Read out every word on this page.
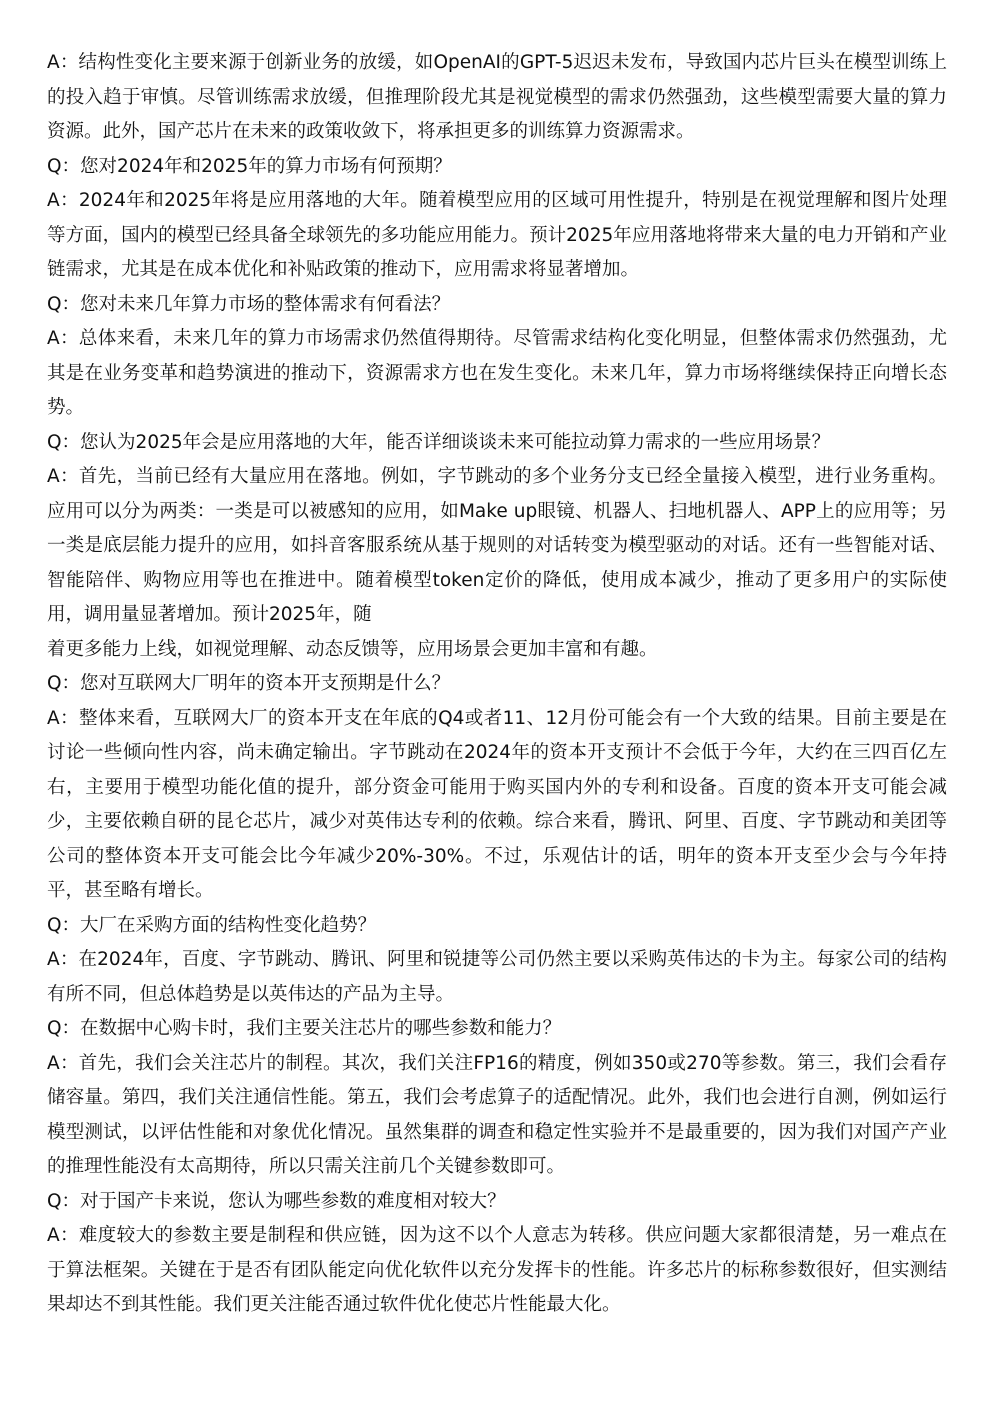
A：结构性变化主要来源于创新业务的放缓，如OpenAI的GPT-5迟迟未发布，导致国内芯片巨头在模型训练上的投入趋于审慎。尽管训练需求放缓，但推理阶段尤其是视觉模型的需求仍然强劲，这些模型需要大量的算力资源。此外，国产芯片在未来的政策收敛下，将承担更多的训练算力资源需求。

Q：您对2024年和2025年的算力市场有何预期？

A：2024年和2025年将是应用落地的大年。随着模型应用的区域可用性提升，特别是在视觉理解和图片处理等方面，国内的模型已经具备全球领先的多功能应用能力。预计2025年应用落地将带来大量的电力开销和产业链需求，尤其是在成本优化和补贴政策的推动下，应用需求将显著增加。

Q：您对未来几年算力市场的整体需求有何看法？

A：总体来看，未来几年的算力市场需求仍然值得期待。尽管需求结构化变化明显，但整体需求仍然强劲，尤其是在业务变革和趋势演进的推动下，资源需求方也在发生变化。未来几年，算力市场将继续保持正向增长态势。

Q：您认为2025年会是应用落地的大年，能否详细谈谈未来可能拉动算力需求的一些应用场景？

A：首先，当前已经有大量应用在落地。例如，字节跳动的多个业务分支已经全量接入模型，进行业务重构。应用可以分为两类：一类是可以被感知的应用，如Make up眼镜、机器人、扫地机器人、APP上的应用等；另一类是底层能力提升的应用，如抖音客服系统从基于规则的对话转变为模型驱动的对话。还有一些智能对话、智能陪伴、购物应用等也在推进中。随着模型token定价的降低，使用成本减少，推动了更多用户的实际使用，调用量显著增加。预计2025年，随
着更多能力上线，如视觉理解、动态反馈等，应用场景会更加丰富和有趣。

Q：您对互联网大厂明年的资本开支预期是什么？

A：整体来看，互联网大厂的资本开支在年底的Q4或者11、12月份可能会有一个大致的结果。目前主要是在讨论一些倾向性内容，尚未确定输出。字节跳动在2024年的资本开支预计不会低于今年，大约在三四百亿左右，主要用于模型功能化值的提升，部分资金可能用于购买国内外的专利和设备。百度的资本开支可能会减少，主要依赖自研的昆仑芯片，减少对英伟达专利的依赖。综合来看，腾讯、阿里、百度、字节跳动和美团等公司的整体资本开支可能会比今年减少20%-30%。不过，乐观估计的话，明年的资本开支至少会与今年持平，甚至略有增长。

Q：大厂在采购方面的结构性变化趋势？

A：在2024年，百度、字节跳动、腾讯、阿里和锐捷等公司仍然主要以采购英伟达的卡为主。每家公司的结构有所不同，但总体趋势是以英伟达的产品为主导。

Q：在数据中心购卡时，我们主要关注芯片的哪些参数和能力？

A：首先，我们会关注芯片的制程。其次，我们关注FP16的精度，例如350或270等参数。第三，我们会看存储容量。第四，我们关注通信性能。第五，我们会考虑算子的适配情况。此外，我们也会进行自测，例如运行模型测试，以评估性能和对象优化情况。虽然集群的调查和稳定性实验并不是最重要的，因为我们对国产产业的推理性能没有太高期待，所以只需关注前几个关键参数即可。

Q：对于国产卡来说，您认为哪些参数的难度相对较大？

A：难度较大的参数主要是制程和供应链，因为这不以个人意志为转移。供应问题大家都很清楚，另一难点在于算法框架。关键在于是否有团队能定向优化软件以充分发挥卡的性能。许多芯片的标称参数很好，但实测结果却达不到其性能。我们更关注能否通过软件优化使芯片性能最大化。
